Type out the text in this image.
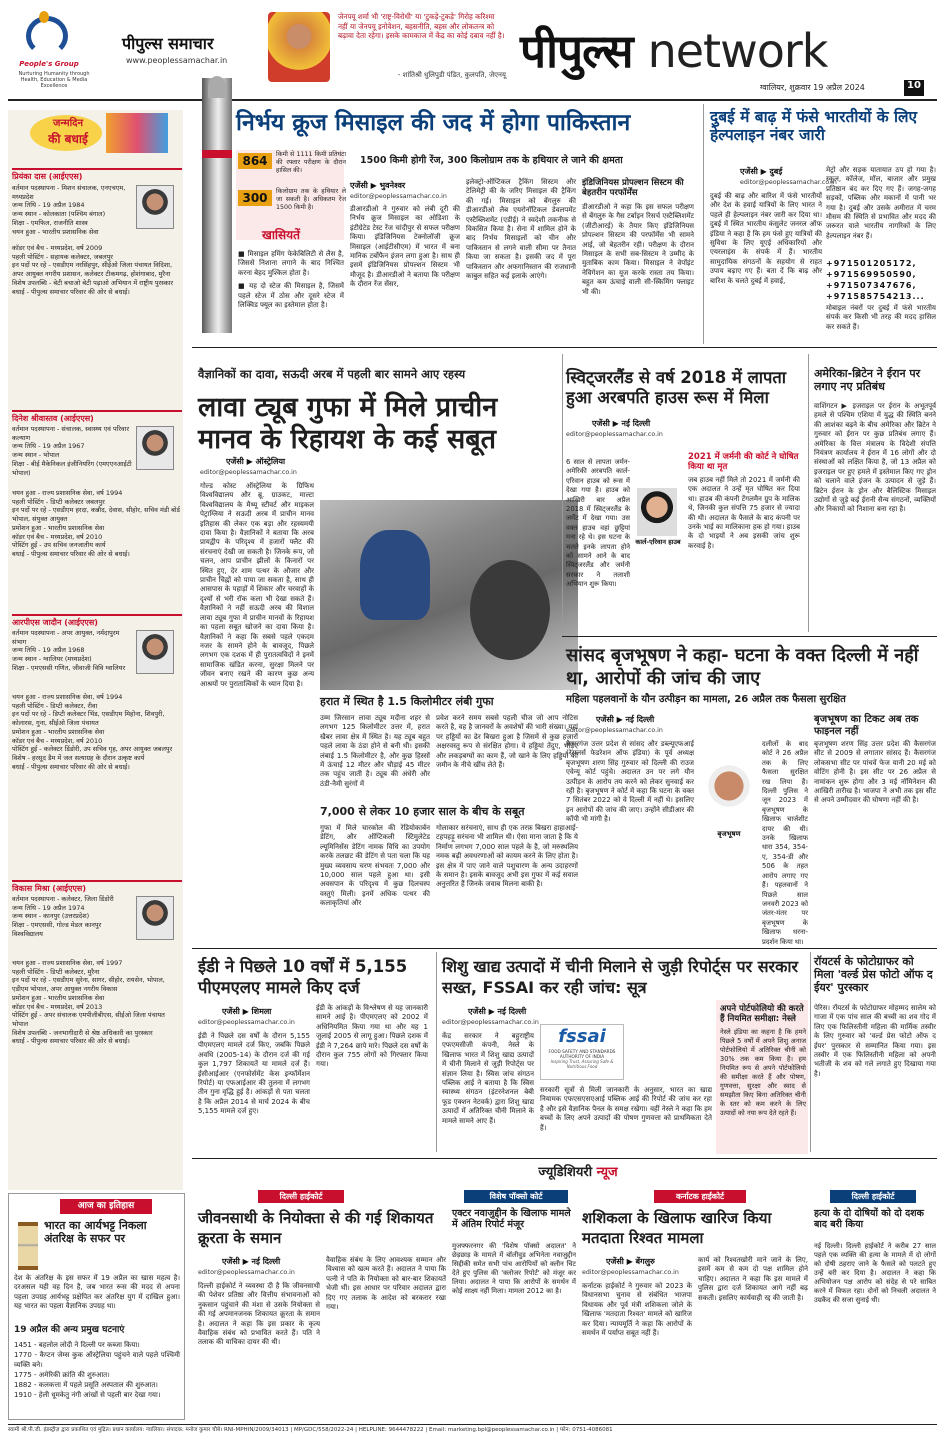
People's Group
Nurturing Humanity through Health, Education & Media Excellence
पीपुल्स समाचार
www.peoplessamachar.in
जेनपयू शर्मा भी 'राष्ट्र-विरोधी' या 'टुकड़े-टुकड़े' गिरोह करिश्मा नहीं या जेनपयू इनोवेशन, बहसनीति, बहस और लोकतन्त्र को बढ़ावा देता रहेगा। इसके कामकाज में केंद्र का कोई दबाव नहीं है।
- शांतिश्री धुलिपुडी पंडित, कुलपति, जेएनयू पीपुल्स network
ग्वालियर, शुक्रवार 19 अप्रैल 2024	10
निर्भय क्रूज मिसाइल की जद में होगा पाकिस्तान
1500 किमी होगी रेंज, 300 किलोग्राम तक के हथियार ले जाने की क्षमता
864	किमी से 1111 किमी प्रतिघंटा की रफ्तार परीक्षण के दौरान हासिल की।
300	किलोग्राम तक के हथियार ले जा सकती है। अधिकतम रेंज 1500 किमी है।
खासियतें
■ मिसाइल हमिंग फेकेबिलिटी से लैस है, जिससे निशाना लगाने के बाद निश्चित करना बेहद मुश्किल होता है।
■ यह दो स्टेज की मिसाइल है, जिसमें पहले स्टेज में ठोस और दूसरे स्टेज में लिक्विड फ्यूल का इस्तेमाल होता है।
एजेंसी ▶ भुवनेश्वर
editor@peoplessamachar.co.in
डीआरडीओ ने गुरुवार को लंबी दूरी की निर्भय क्रूज मिसाइल का ओडिशा के इंटीग्रेटेड टेस्ट रेंज चांदीपुर से सफल परीक्षण किया। इंडिजिनियस टेक्नोलॉजी क्रूज मिसाइल (आईटीसीएम) में भारत में बना मानिक टर्बोफैन इंजन लगा हुआ है। साथ ही इसमें इंडिजिनियस प्रोपल्शन सिस्टम भी मौजूद है। डीआरडीओ ने बताया कि परीक्षण के दौरान रेंज सेंसर,
इलेक्ट्रो-ऑप्टिकल ट्रैकिंग सिस्टम और टेलिमेट्री की के जरिए मिसाइल की ट्रैकिंग की गई। मिसाइल को बेंगलुरु की डीआरडीओ लैब एयरोनॉटिकल डेवलपमेंट एस्टैब्लिशमेंट (एडीई) ने स्वदेशी तकनीक से विकसित किया है। सेना में शामिल होने के बाद निर्भय मिसाइलों को चीन और पाकिस्तान से लगने वाली सीमा पर तैनात किया जा सकता है। इसकी जद में पूरा पाकिस्तान और अफगानिस्तान की राजधानी काबुल सहित कई इलाके आएंगे।
इंडिजिनियस प्रोपल्शन सिस्टम की बेहतरीन परफॉर्मेंस
डीआरडीओ ने कहा कि इस सफल परीक्षण से बेंगलुरु के गैस टर्बाइन रिसर्च एस्टैब्लिशमेंट (जीटीआरई) के तैयार किए इंडिजिनियस प्रोपल्शन सिस्टम की परफॉर्मेंस भी सामने आई, जो बेहतरीन रही। परीक्षण के दौरान मिसाइल के सभी सब-सिस्टम ने उम्मीद के मुताबिक काम किया। मिसाइल ने वेपॉइंट नेविगेशन का यूज करके रास्ता तय किया। बहुत कम ऊंचाई वाली सी-स्किमिंग फ्लाइट भी की।
दुबई में बाढ़ में फंसे भारतीयों के लिए हेल्पलाइन नंबर जारी
एजेंसी ▶ दुबई
editor@peoplessamachar.co.in
दुबई की बाढ़ और बारिश में फंसे भारतीयों और देश के हवाई यात्रियों के लिए भारत ने पहले ही हेल्पलाइन नंबर जारी कर दिया था। दुबई में स्थित भारतीय कंसुलेट जनरल ऑफ इंडिया ने कहा है कि हम फंसे हुए यात्रियों की सुविधा के लिए यूएई अधिकारियों और एयरलाइंस के संपर्क में हैं। भारतीय सामुदायिक संगठनों के सहयोग से राहत उपाय बढ़ाए गए हैं। बता दें कि बाढ़ और बारिश के चलते दुबई में हवाई,
मेट्रो और सड़क यातायात ठप हो गया है। स्कूल, कॉलेज, मॉल, बाजार और प्रमुख प्रतिष्ठान बंद कर दिए गए हैं। जगह-जगह सड़कों, पब्लिक और मकानों में पानी भर गया है। दुबई और उसके अमीरात में चरम मौसम की स्थिति से प्रभावित और मदद की जरूरत वाले भारतीय नागरिकों के लिए हेल्पलाइन नंबर हैं।
+971501205172,
+971569950590,
+971507347676,
+971585754213...
मोबाइल नंबरों पर दुबई में फंसे भारतीय संपर्क कर किसी भी तरह की मदद हासिल कर सकते हैं।
जन्मदिन
की बधाई
प्रियंका दास (आईएएस)
वर्तमान पदस्थापना - मिशन संचालक, एनएचएम, मध्यप्रदेश
जन्म तिथि - 19 अप्रैल 1984
जन्म स्थान - कोलकाता (पश्चिम बंगाल)
शिक्षा - एमफिल, राजनीति शास्त्र
चयन हुआ - भारतीय प्रशासनिक सेवा
कॉडर एवं बैच - मध्यप्रदेश, वर्ष 2009
पहली पोस्टिंग - सहायक कलेक्टर, जबलपुर
इन पदों पर रहे - एसडीएम नरसिंहपुर, सीईओ जिला पंचायत विदिशा, अपर आयुक्त नगरीय प्रशासन, कलेक्टर टीकमगढ़, होशंगाबाद, मुरैना
विशेष उपलब्धि - बेटी बचाओ बेटी पढ़ाओ अभियान में राष्ट्रीय पुरस्कार
बधाई - पीपुल्स समाचार परिवार की ओर से बधाई।
दिनेश श्रीवास्तव (आईएएस)
वर्तमान पदस्थापना - संचालक, स्वास्थ्य एवं परिवार कल्याण
जन्म तिथि - 19 अप्रैल 1967
जन्म स्थान - भोपाल
शिक्षा - बीई मैकेनिकल इंजीनियरिंग (एमएएनआईटी भोपाल)
चयन हुआ - राज्य प्रशासनिक सेवा, वर्ष 1994
पहली पोस्टिंग - डिप्टी कलेक्टर जबलपुर
इन पदों पर रहे - एसडीएम हरदा, कन्नौद, देवास, सीहोर, सचिव मंडी बोर्ड भोपाल, संयुक्त आयुक्त
प्रमोशन हुआ - भारतीय प्रशासनिक सेवा
कॉडर एवं बैच - मध्यप्रदेश, वर्ष 2010
पोस्टिंग हुई - उप सचिव जनजातीय कार्य
बधाई - पीपुल्स समाचार परिवार की ओर से बधाई।
आरपीएस जादौन (आईएएस)
वर्तमान पदस्थापना - अपर आयुक्त, नर्मदापुरम संभाग
जन्म तिथि - 19 अप्रैल 1968
जन्म स्थान - ग्वालियर (मध्यप्रदेश)
शिक्षा - एमएससी गणित, जीवाजी विवि ग्वालियर
चयन हुआ - राज्य प्रशासनिक सेवा, वर्ष 1994
पहली पोस्टिंग - डिप्टी कलेक्टर, रीवा
इन पदों पर रहे - डिप्टी कलेक्टर भिंड, एसडीएम मिहोना, शिवपुरी, कोलारस, गुना, सीईओ जिला पंचायत
प्रमोशन हुआ - भारतीय प्रशासनिक सेवा
कॉडर एवं बैच - मध्यप्रदेश, वर्ष 2010
पोस्टिंग हुई - कलेक्टर डिंडोरी, उप सचिव गृह, अपर आयुक्त जबलपुर
विशेष - हरसूद डैम में जल सत्याग्रह के दौरान उत्कृष्ट कार्य
बधाई - पीपुल्स समाचार परिवार की ओर से बधाई।
विकास मिश्रा (आईएएस)
वर्तमान पदस्थापना - कलेक्टर, जिला डिंडोरी
जन्म तिथि - 19 अप्रैल 1974
जन्म स्थान - कानपुर (उत्तरप्रदेश)
शिक्षा - एमएससी, गोल्ड मेडल कानपुर विश्वविद्यालय
चयन हुआ - राज्य प्रशासनिक सेवा, वर्ष 1997
पहली पोस्टिंग - डिप्टी कलेक्टर, मुरैना
इन पदों पर रहे - एसडीएम सुरेना, सागर, सीहोर, रायसेन, भोपाल, एडीएम भोपाल, अपर आयुक्त नगरीय विकास
प्रमोशन हुआ - भारतीय प्रशासनिक सेवा
कॉडर एवं बैच - मध्यप्रदेश, वर्ष 2013
पोस्टिंग हुई - अपर संचालक एमपीलीबीएस, सीईओ जिला पंचायत भोपाल
विशेष उपलब्धि - जनभागीदारी से श्रेष्ठ अधिकारी का पुरस्कार
बधाई - पीपुल्स समाचार परिवार की ओर से बधाई।
आज का इतिहास
भारत का आर्यभट्ट निकला अंतरिक्ष के सफर पर
देश के अंतरिक्ष के इस सफर में 19 अप्रैल का खास महत्व है। दरअसल यही वह दिन है, जब भारत रूस की मदद से अपना पहला उपग्रह आर्यभट्ट प्रक्षेपित कर अंतरिक्ष युग में दाखिल हुआ। यह भारत का पहला वैज्ञानिक उपग्रह था।
19 अप्रैल की अन्य प्रमुख घटनाएं
1451 - बहलोल लोदी ने दिल्ली पर कब्जा किया।
1770 - कैप्टन जेम्स कुक ऑस्ट्रेलिया पहुंचने वाले पहले पश्चिमी व्यक्ति बने।
1775 - अमेरिकी क्रांति की शुरुआत।
1882 - कलकत्ता में पहले प्रसूति अस्पताल की शुरुआत।
1910 - हेली धूमकेतु नंगी आंखों से पहली बार देखा गया।
वैज्ञानिकों का दावा, सऊदी अरब में पहली बार सामने आए रहस्य
लावा ट्यूब गुफा में मिले प्राचीन मानव के रिहायश के कई सबूत
एजेंसी ▶ ऑस्ट्रेलिया
editor@peoplessamachar.co.in
गोल्ड कोस्ट ऑस्ट्रेलिया के ग्रिफिथ विश्वविद्यालय और ब्रू. ग्राउकट, माल्टा विश्वविद्यालय के मैथ्यू स्टीवर्ट और माइकल पेट्राग्लिया ने सऊदी अरब में प्राचीन मानव इतिहास की लेकर एक बड़ा और रहस्यमयी दावा किया है। वैज्ञानिकों ने बताया कि अरब प्रायद्वीप के परिदृश्य में हजारों फ्लैट की संरचनाएं देखी जा सकती है। जिनके रूप, जो चलन, आप प्राचीन झीलों के किनारों पर स्थित हुए, देर शाम पत्थर के औजार और प्राचीन चिह्नों को पाया जा सकता है, साथ ही आसपास के पहाड़ों में शिकार और चरवाहों के दृश्यों से भरी रॉक कला भी देखा सकते हैं। वैज्ञानिकों ने नहीं सऊदी अरब की विशाल लावा ट्यूब गुफा में प्राचीन मानवों के रिहायश का पहला सबूत खोजने का दावा किया है। वैज्ञानिकों ने कहा कि सबसे पहले एकदम नजर के सामने होने के बावजूद, पिछले लगभग एक दशक में ही पुरातत्वविदों ने इनमें सामाजिक खंडित करना, सुरक्षा मिलने पर जीवन बनाए रखने की कारण कुछ अन्य आश्रयों पर पुरातात्विकों के ध्यान दिया है।
हरात में स्थित है 1.5 किलोमीटर लंबी गुफा
उम्म जिरसान लावा ट्यूब मदीना शहर से लगभग 125 किलोमीटर उत्तर में, हरात खैबर लावा क्षेत्र में स्थित है। यह ट्यूब बहुत पहले लावा के ठंडा होने से बनी थी। इसकी लंबाई 1.5 किलोमीटर है, और कुछ हिस्सों में ऊंचाई 12 मीटर और चौड़ाई 45 मीटर तक पहुंच जाती है। ट्यूब की अंधेरी और ठंडी-नैमी सुरंगों में
प्रवेश करने समय सबसे पहली चीज जो आप नोटिस करते है, वह है जानवरों के अवशेषों की भारी संख्या। यहां पर हड्डियों का ढेर बिखरा हुआ है जिसमें से कुछ हजारों अक्षरवस्तु रूप से संरक्षित होगा। ये हड्डियां तेंदुए, भेड़िए और लकड़बग्घों का काम हैं, जो खाने के लिए हड्डियों को जमीन के नीचे खींच लेते हैं।
7,000 से लेकर 10 हजार साल के बीच के सबूत
गुफा में मिले चारकोल की रेडियोकार्बन डेटिंग, और ऑप्टिकली स्टिमुलेटेड ल्यूमिनिसेंस डेटिंग नामक विधि का उपयोग करके तलछट की डेटिंग से पता चला कि यह मुख्य व्यवसाय चरण संभवतः 7,000 और 10,000 साल पहले हुआ था। इसी अवसपान के परिदृश्य में कुछ दिलचस्प वस्तुएं मिली। इनमें अधिक पत्थर की कलाकृतियां और
गोलाकार सरंचनाएं, साथ ही एक तरफ़ बिखरा हाहाआई-टहपहड़ू सरंचना भी शामिल थी। ऐसा माना जाता है कि ये निर्माण लगभग 7,000 साल पहले के है, जो मरुस्थलिय नमक बढ़ी अवधरणाओं को कायम करने के लिए होता है। इस क्षेत्र में पाए जाने वाले पशुचारण के अन्य उदाहरणों के समान है। इसके बावजूद अभी इस गुफा में कई सवाल अनुत्तरित हैं जिनके जवाब मिलना बाकी है।
स्विट्जरलैंड से वर्ष 2018 में लापता हुआ अरबपति हाउस रूस में मिला
एजेंसी ▶ नई दिल्ली
editor@peoplessamachar.co.in
6 साल से लापता जर्मन-अमेरिकी अरबपति कार्ल-एरिवान हाउब को रूस में देखा गया है। हाउब को आखिरी बार अप्रैल 2018 में स्विट्जरलैंड के जर्मेट में देखा गया। उस वक्त हाउब वहां छुट्टियां मना रहे थे। इस घटना के चलते इनके लापता होने को सामने आने के बाद स्विट्जरलैंड और जर्मनी सरकार ने तलाशी अभियान शुरू किया।
कार्ल-एरिवान हाउब
2021 में जर्मनी की कोर्ट ने घोषित किया था मृत
जब हाउब नहीं मिले तो 2021 में जर्मनी की एक अदालत ने उन्हें मृत घोषित कर दिया था। हाउब की कंपनी टेंगलमैन ग्रुप के मालिक थे, जिनकी कुल संपत्ति 75 हजार से ज्यादा की थी। अदालत के फैसले के बाद कंपनी पर उनके भाई का मालिकाना हक हो गया। हाउब के दो भाइयों ने अब इसकी जांच शुरू करवाई है।
अमेरिका-ब्रिटेन ने ईरान पर लगाए नए प्रतिबंध
वाशिंगटन ▶ इजराइल पर ईरान के अभूतपूर्व हमले से पश्चिम एशिया में युद्ध की स्थिति बनने की आशंका बढ़ने के बीच अमेरिका और ब्रिटेन ने गुरुवार को ईरान पर कुछ प्रतिबंध लगाए हैं। अमेरिका के वित्त मंत्रालय के विदेशी संपत्ति नियंत्रण कार्यालय ने ईरान में 16 लोगों और दो संस्थाओं को लक्षित किया है, जो 13 अप्रैल को इजराइल पर हुए हमले में इस्तेमाल किए गए ड्रोन को चलाने वाले इंजन के उत्पादन से जुड़े हैं। ब्रिटेन ईरान के ड्रोन और बैलिस्टिक मिसाइल उद्योगों से जुड़े कई ईरानी सैन्य संगठनों, व्यक्तियों और निकायों को निशाना बना रहा है।
सांसद बृजभूषण ने कहा- घटना के वक्त दिल्ली में नहीं था, आरोपों की जांच की जाए
महिला पहलवानों के यौन उत्पीड़न का मामला, 26 अप्रैल तक फैसला सुरक्षित
एजेंसी ▶ नई दिल्ली
editor@peoplessamachar.co.in
कैसरगंज उत्तर प्रदेश से सांसद और डब्ल्यूएफआई (रेसलर्स फेडरेशन ऑफ इंडिया) के पूर्व अध्यक्ष बृजभूषण शरण सिंह गुरुवार को दिल्ली की राउज एवेन्यू कोर्ट पहुंचे। अदालत उन पर लगे यौन उत्पीड़न के आरोप तय करने को लेकर सुनवाई कर रही है। बृजभूषण ने कोर्ट में कहा कि घटना के वक्त 7 सितंबर 2022 को वे दिल्ली में नहीं थे। इसलिए इन आरोपों की जांच की जाए। उन्होंने सीडीआर की कॉपी भी मांगी है।
बृजभूषण
दलीलों के बाद कोर्ट ने 26 अप्रैल तक के लिए फैसला सुरक्षित रख लिया है। दिल्ली पुलिस ने जून 2023 में बृजभूषण के खिलाफ चार्जशीट दायर की थी। उनके खिलाफ धारा 354, 354-ए, 354-डी और 506 के तहत आरोप लगाए गए हैं। पहलवानों ने पिछले साल जनवरी 2023 को जंतर-मंतर पर बृजभूषण के खिलाफ धरना-प्रदर्शन किया था।
बृजभूषण का टिकट अब तक फाइनल नहीं
बृजभूषण शरण सिंह उत्तर प्रदेश की कैसरगंज सीट से 2009 से लगातार सांसद हैं। कैसरगंज लोकसभा सीट पर पांचवें फेज यानी 20 मई को वोटिंग होनी है। इस सीट पर 26 अप्रैल से नामांकन शुरू होगा और 3 मई नॉमिनेशन की आखिरी तारीख है। भाजपा ने अभी तक इस सीट से अपने उम्मीदवार की घोषणा नहीं की है।
ईडी ने पिछले 10 वर्षों में 5,155 पीएमएलए मामले किए दर्ज
एजेंसी ▶ शिमला
editor@peoplessamachar.co.in
ईडी ने पिछले दस वर्षों के दौरान 5,155 पीएमएलए मामले दर्ज किए, जबकि पिछले अवधि (2005-14) के दौरान दर्ज की गई कुल 1,797 शिकायतें या मामले दर्ज हैं। ईसीआईआर (एनफोर्समेंट केस इन्फॉर्मेशन रिपोर्ट) या एफआईआर की तुलना में लगभग तीन गुना वृद्धि हुई है। आंकड़ों से पता चलता है कि अप्रैल 2014 से मार्च 2024 के बीच 5,155 मामले दर्ज हुए।
ईडी के आंकड़ों के विश्लेषण से यह जानकारी सामने आई है। पीएमएलए को 2002 में अधिनियमित किया गया था और यह 1 जुलाई 2005 से लागू हुआ। पिछले दशक में ईडी ने 7,264 छापे मारे। पिछले दस वर्षों के दौरान कुल 755 लोगों को गिरफ्तार किया गया।
शिशु खाद्य उत्पादों में चीनी मिलाने से जुड़ी रिपोर्ट्स पर सरकार सख्त, FSSAI कर रही जांच: सूत्र
एजेंसी ▶ नई दिल्ली
editor@peoplessamachar.co.in
केंद्र सरकार ने बहुराष्ट्रीय एफएमसीजी कंपनी, नेस्ले के खिलाफ भारत में शिशु खाद्य उत्पादों में चीनी मिलाने से जुड़ी रिपोर्ट्स पर संज्ञान लिया है। स्विस जांच संगठन पब्लिक आई ने बताया है कि स्विस स्वास्थ्य संगठन (इंटरनेशनल बेबी फूड एक्शन नेटवर्क) द्वारा शिशु खाद्य उत्पादों में अतिरिक्त चीनी मिलाने के मामले सामने आए हैं।
fssai
FOOD SAFETY AND STANDARDS AUTHORITY OF INDIA
Inspiring Trust, Assuring Safe & Nutritious Food
सरकारी सूत्रों से मिली जानकारी के अनुसार, भारत का खाद्य नियामक एफएसएसएआई पब्लिक आई की रिपोर्ट की जांच कर रहा है और इसे वैज्ञानिक पैनल के समक्ष रखेगा। वहीं नेस्ले ने कहा कि हम बच्चों के लिए अपने उत्पादों की पोषण गुणवत्ता को प्राथमिकता देते हैं।
अपने पोर्टफोलियो की करते हैं नियमित समीक्षा: नेस्ले
नेस्ले इंडिया का कहना है कि हमने पिछले 5 वर्षों में अपने शिशु अनाज पोर्टफोलियो में अतिरिक्त चीनी को 30% तक कम किया है। हम नियमित रूप से अपने पोर्टफोलियो की समीक्षा करते हैं और पोषण, गुणवत्ता, सुरक्षा और स्वाद से समझौता किए बिना अतिरिक्त चीनी के स्तर को कम करने के लिए उत्पादों को नया रूप देते रहते हैं।
रॉयटर्स के फोटोग्राफर को मिला 'वर्ल्ड प्रेस फोटो ऑफ द ईयर' पुरस्कार
पेरिस। रॉयटर्स के फोटोग्राफर मोहम्मद सालेम को गाजा में एक पांच साल की बच्ची का शव गोद में लिए एक फिलिस्तीनी महिला की मार्मिक तस्वीर के लिए गुरुवार को 'वर्ल्ड प्रेस फोटो ऑफ द ईयर' पुरस्कार से सम्मानित किया गया। इस तस्वीर में एक फिलिस्तीनी महिला को अपनी भतीजी के शव को गले लगाते हुए दिखाया गया है।
ज्यूडिशियरी न्यूज
दिल्ली हाईकोर्ट
जीवनसाथी के नियोक्ता से की गई शिकायत क्रूरता के समान
एजेंसी ▶ नई दिल्ली
editor@peoplessamachar.co.in
दिल्ली हाईकोर्ट ने व्यवस्था दी है कि जीवनसाथी की पेशेवर प्रतिष्ठा और वित्तीय संभावनाओं को नुकसान पहुंचाने की मंशा से उसके नियोक्ता से की गई अपमानजनक शिकायत क्रूरता के समान है। अदालत ने कहा कि इस प्रकार के कृत्य वैवाहिक संबंध को प्रभावित करते हैं। पति ने तलाक की याचिका दायर की थी।
वैवाहिक संबंध के लिए आवश्यक सम्मान और विश्वास को खत्म करते हैं। अदालत ने पाया कि पत्नी ने पति के नियोक्ता को बार-बार शिकायतें भेजी थीं। इस आधार पर परिवार अदालत द्वारा दिए गए तलाक के आदेश को बरकरार रखा गया।
विशेष पॉक्सो कोर्ट
एक्टर नवाजुद्दीन के खिलाफ मामले में अंतिम रिपोर्ट मंजूर
मुजफ्फरनगर की 'विशेष पॉक्सो अदालत' ने छेड़छाड़ के मामले में बॉलीवुड अभिनेता नवाजुद्दीन सिद्दीकी समेत सभी पांच आरोपियों को क्लीन चिट देते हुए पुलिस की 'क्लोजर रिपोर्ट' को मंजूर कर लिया। अदालत ने पाया कि आरोपों के समर्थन में कोई साक्ष्य नहीं मिला। मामला 2012 का है।
कर्नाटक हाईकोर्ट
शशिकला के खिलाफ खारिज किया मतदाता रिश्वत मामला
एजेंसी ▶ बेंगलुरु
editor@peoplessamachar.co.in
कर्नाटक हाईकोर्ट ने गुरुवार को 2023 के विधानसभा चुनाव से संबंधित भाजपा विधायक और पूर्व मंत्री शशिकला जोले के खिलाफ 'मतदाता रिश्वत' मामले को खारिज कर दिया। न्यायमूर्ति ने कहा कि आरोपों के समर्थन में पर्याप्त सबूत नहीं हैं।
कार्य को रिश्वतखोरी माने जाने के लिए, इसमें कम से कम दो पक्ष शामिल होने चाहिए। अदालत ने कहा कि इस मामले में पुलिस द्वारा दर्ज शिकायत आगे नहीं बढ़ सकती। इसलिए कार्यवाही रद्द की जाती है।
दिल्ली हाईकोर्ट
हत्या के दो दोषियों को दो दशक बाद बरी किया
नई दिल्ली। दिल्ली हाईकोर्ट ने करीब 27 साल पहले एक व्यक्ति की हत्या के मामले में दो लोगों को दोषी ठहराए जाने के फैसले को पलटते हुए उन्हें बरी कर दिया है। अदालत ने कहा कि अभियोजन पक्ष आरोप को संदेह से परे साबित करने में विफल रहा। दोनों को निचली अदालत ने उम्रकैद की सजा सुनाई थी।
स्वामी श्री.पी.जी. इंडस्ट्रीज़ द्वारा प्रकाशित एवं मुद्रित। प्रधान कार्यालय: ग्वालियर। संपादक: मनोज कुमार चौबे। RNI-MPHIN/2009/34013 | MP/GDC/558/2022-24 | HELPLINE: 9644478222 | Email: marketing.bpl@peoplessamachar.co.in | फोन: 0751-4086081
